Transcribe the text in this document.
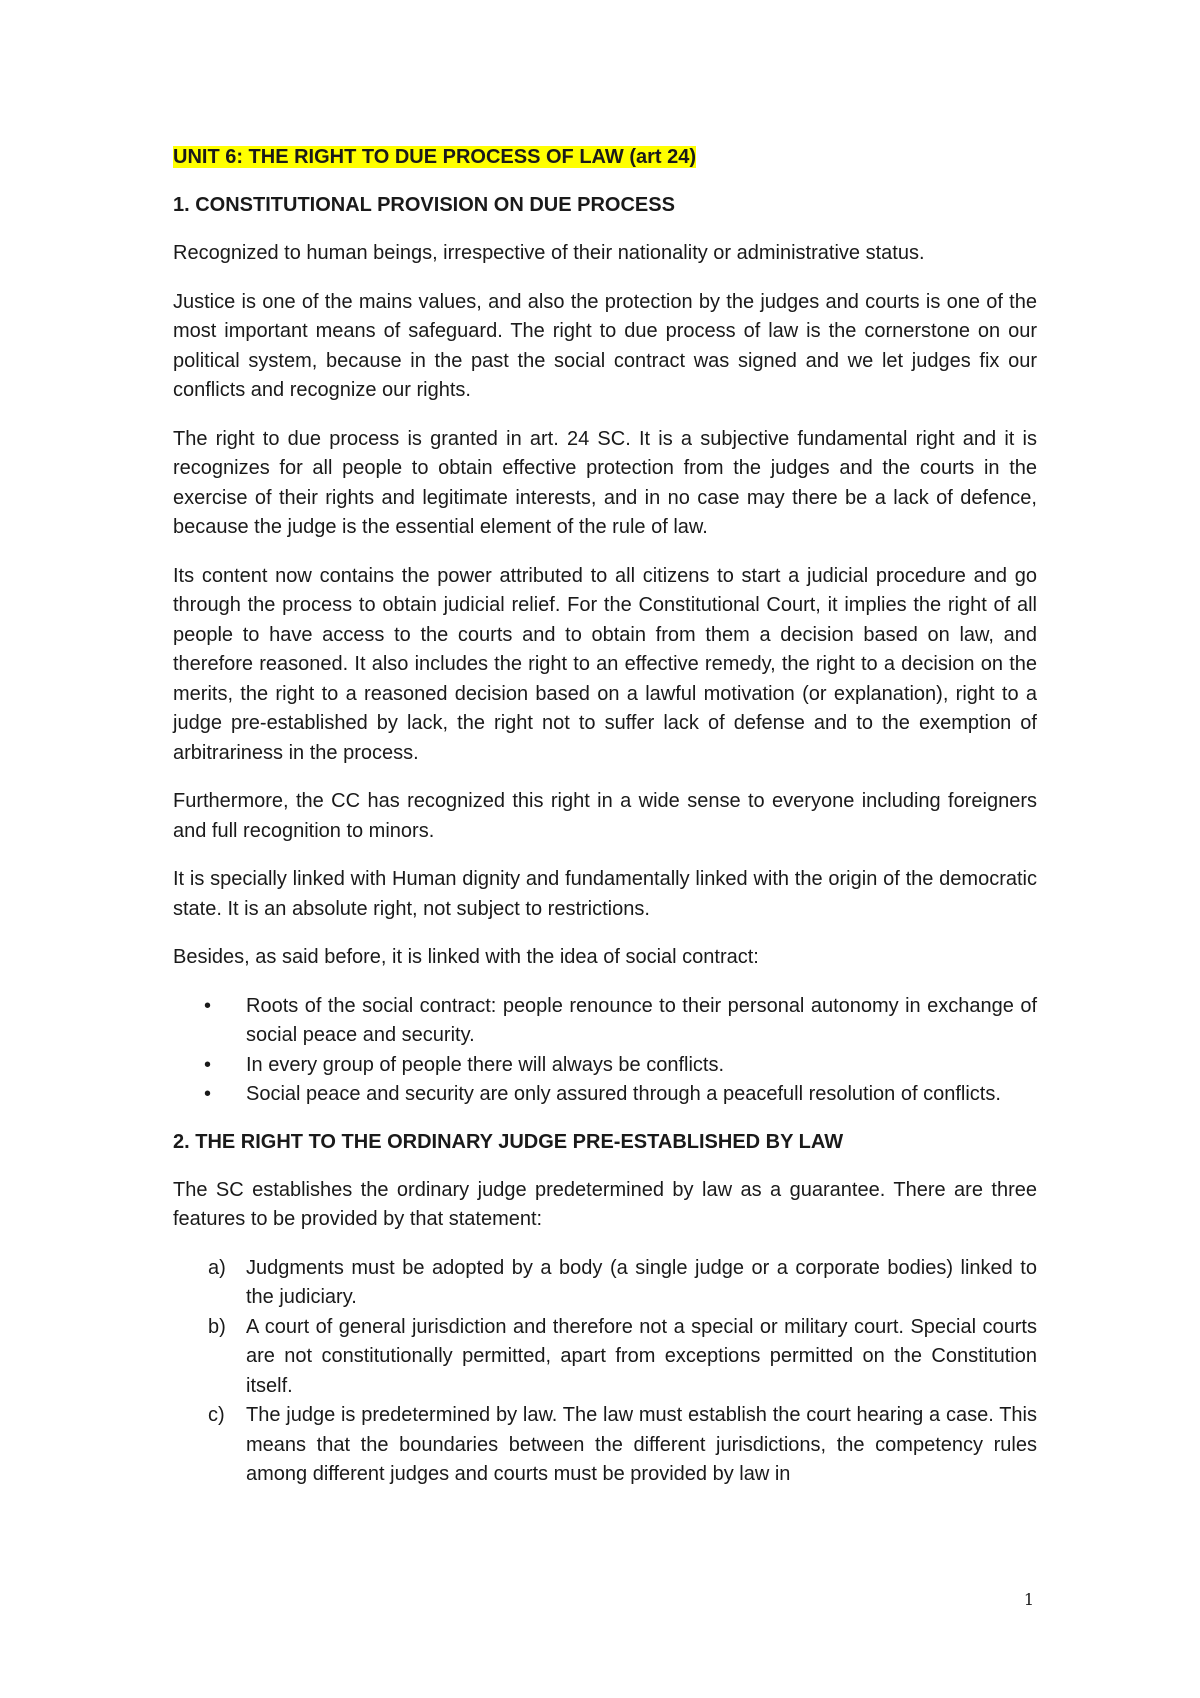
UNIT 6: THE RIGHT TO DUE PROCESS OF LAW (art 24)
1. CONSTITUTIONAL PROVISION ON DUE PROCESS

Recognized to human beings, irrespective of their nationality or administrative status.

Justice is one of the mains values, and also the protection by the judges and courts is one of the most important means of safeguard. The right to due process of law is the cornerstone on our political system, because in the past the social contract was signed and we let judges fix our conflicts and recognize our rights.

The right to due process is granted in art. 24 SC. It is a subjective fundamental right and it is recognizes for all people to obtain effective protection from the judges and the courts in the exercise of their rights and legitimate interests, and in no case may there be a lack of defence, because the judge is the essential element of the rule of law.

Its content now contains the power attributed to all citizens to start a judicial procedure and go through the process to obtain judicial relief. For the Constitutional Court, it implies the right of all people to have access to the courts and to obtain from them a decision based on law, and therefore reasoned. It also includes the right to an effective remedy, the right to a decision on the merits, the right to a reasoned decision based on a lawful motivation (or explanation), right to a judge pre-established by lack, the right not to suffer lack of defense and to the exemption of arbitrariness in the process.

Furthermore, the CC has recognized this right in a wide sense to everyone including foreigners and full recognition to minors.

It is specially linked with Human dignity and fundamentally linked with the origin of the democratic state. It is an absolute right, not subject to restrictions.

Besides, as said before, it is linked with the idea of social contract:

• Roots of the social contract: people renounce to their personal autonomy in exchange of social peace and security.
• In every group of people there will always be conflicts.
• Social peace and security are only assured through a peacefull resolution of conflicts.
2. THE RIGHT TO THE ORDINARY JUDGE PRE-ESTABLISHED BY LAW

The SC establishes the ordinary judge predetermined by law as a guarantee. There are three features to be provided by that statement:

a) Judgments must be adopted by a body (a single judge or a corporate bodies) linked to the judiciary.
b) A court of general jurisdiction and therefore not a special or military court. Special courts are not constitutionally permitted, apart from exceptions permitted on the Constitution itself.
c) The judge is predetermined by law. The law must establish the court hearing a case. This means that the boundaries between the different jurisdictions, the competency rules among different judges and courts must be provided by law in
1
